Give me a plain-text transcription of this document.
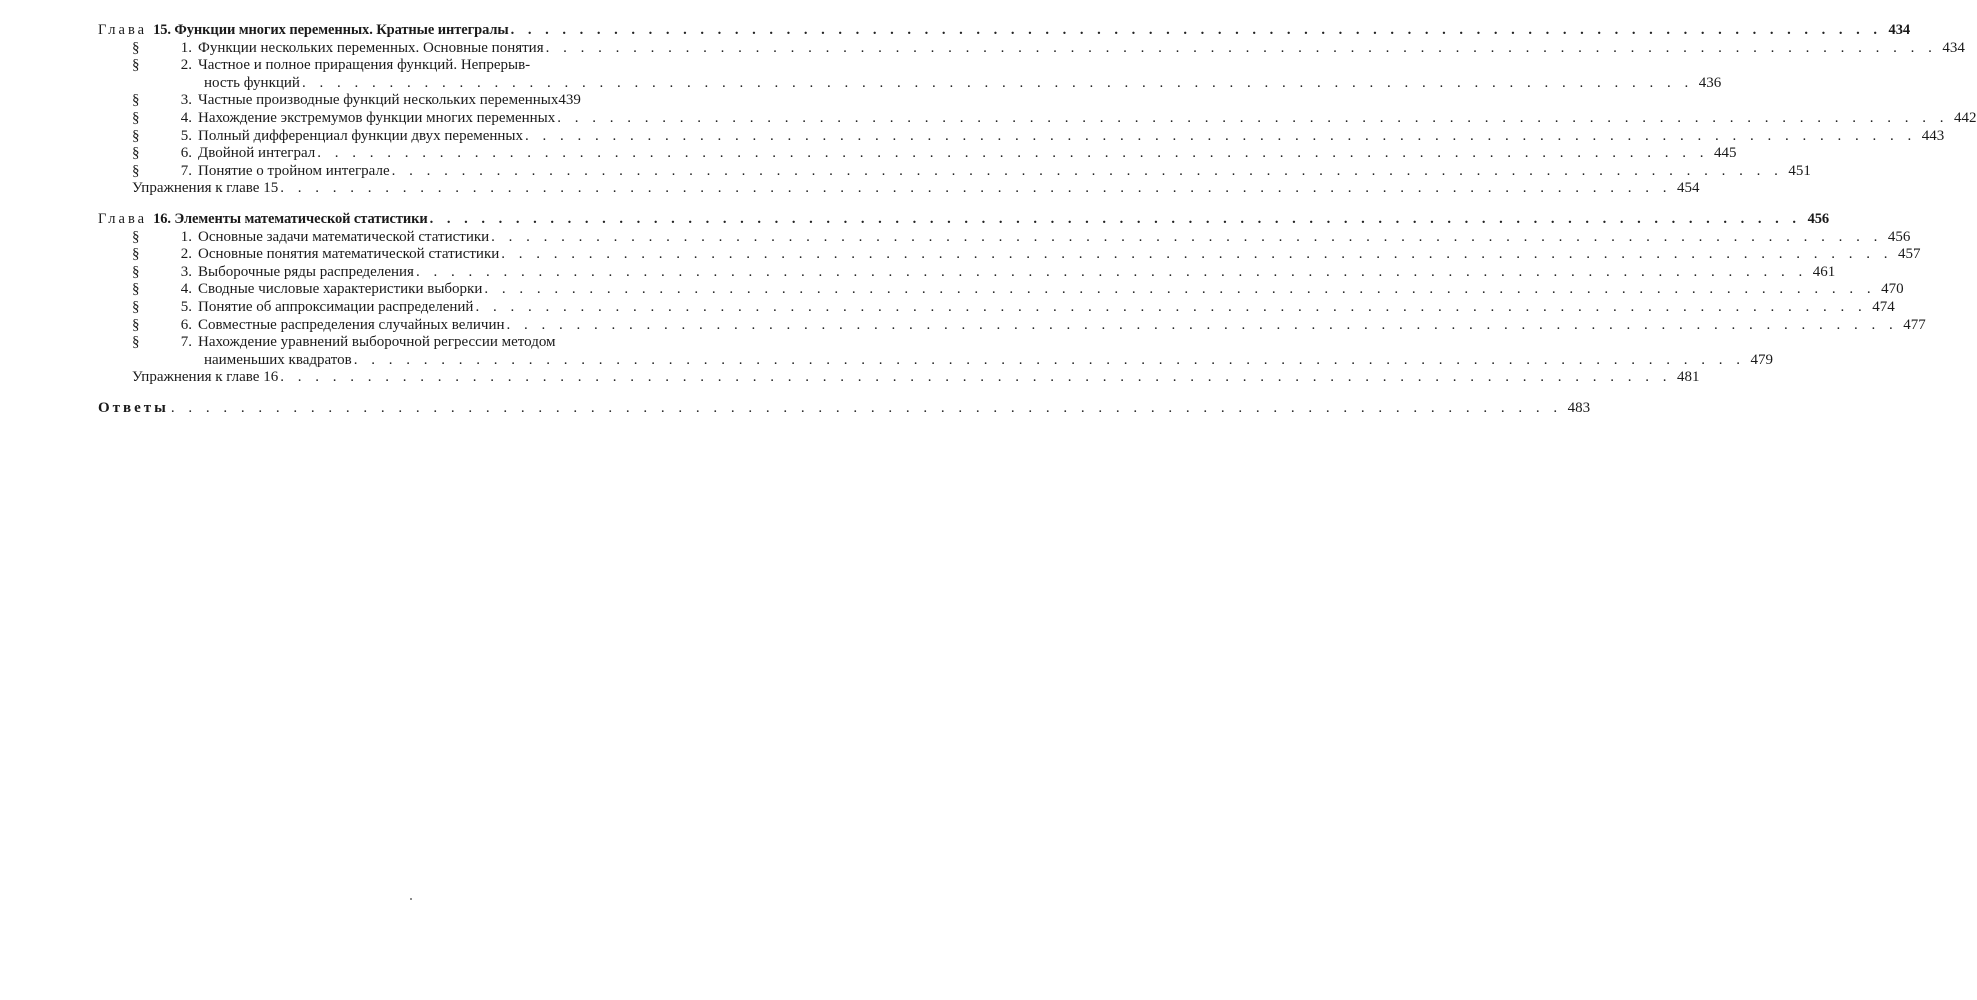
Глава 15. Функции многих переменных. Кратные интегралы . . .	434
§	1. Функции нескольких переменных. Основные понятия . . .	434
§	2. Частное и полное приращения функций. Непрерыв-
ность функций . . .	436
§	3. Частные производные функций нескольких переменных 439
§	4. Нахождение экстремумов функции многих переменных . . .	442
§	5. Полный дифференциал функции двух переменных . . .	443
§	6. Двойной интеграл . . .	445
§	7. Понятие о тройном интеграле . . .	451
Упражнения к главе 15 . . .	454
Глава 16. Элементы математической статистики . . .	456
§	1. Основные задачи математической статистики . . .	456
§	2. Основные понятия математической статистики . . .	457
§	3. Выборочные ряды распределения . . .	461
§	4. Сводные числовые характеристики выборки . . .	470
§	5. Понятие об аппроксимации распределений . . .	474
§	6. Совместные распределения случайных величин . . .	477
§	7. Нахождение уравнений выборочной регрессии методом
наименьших квадратов . . .	479
Упражнения к главе 16 . . .	481
Ответы . . .	483
